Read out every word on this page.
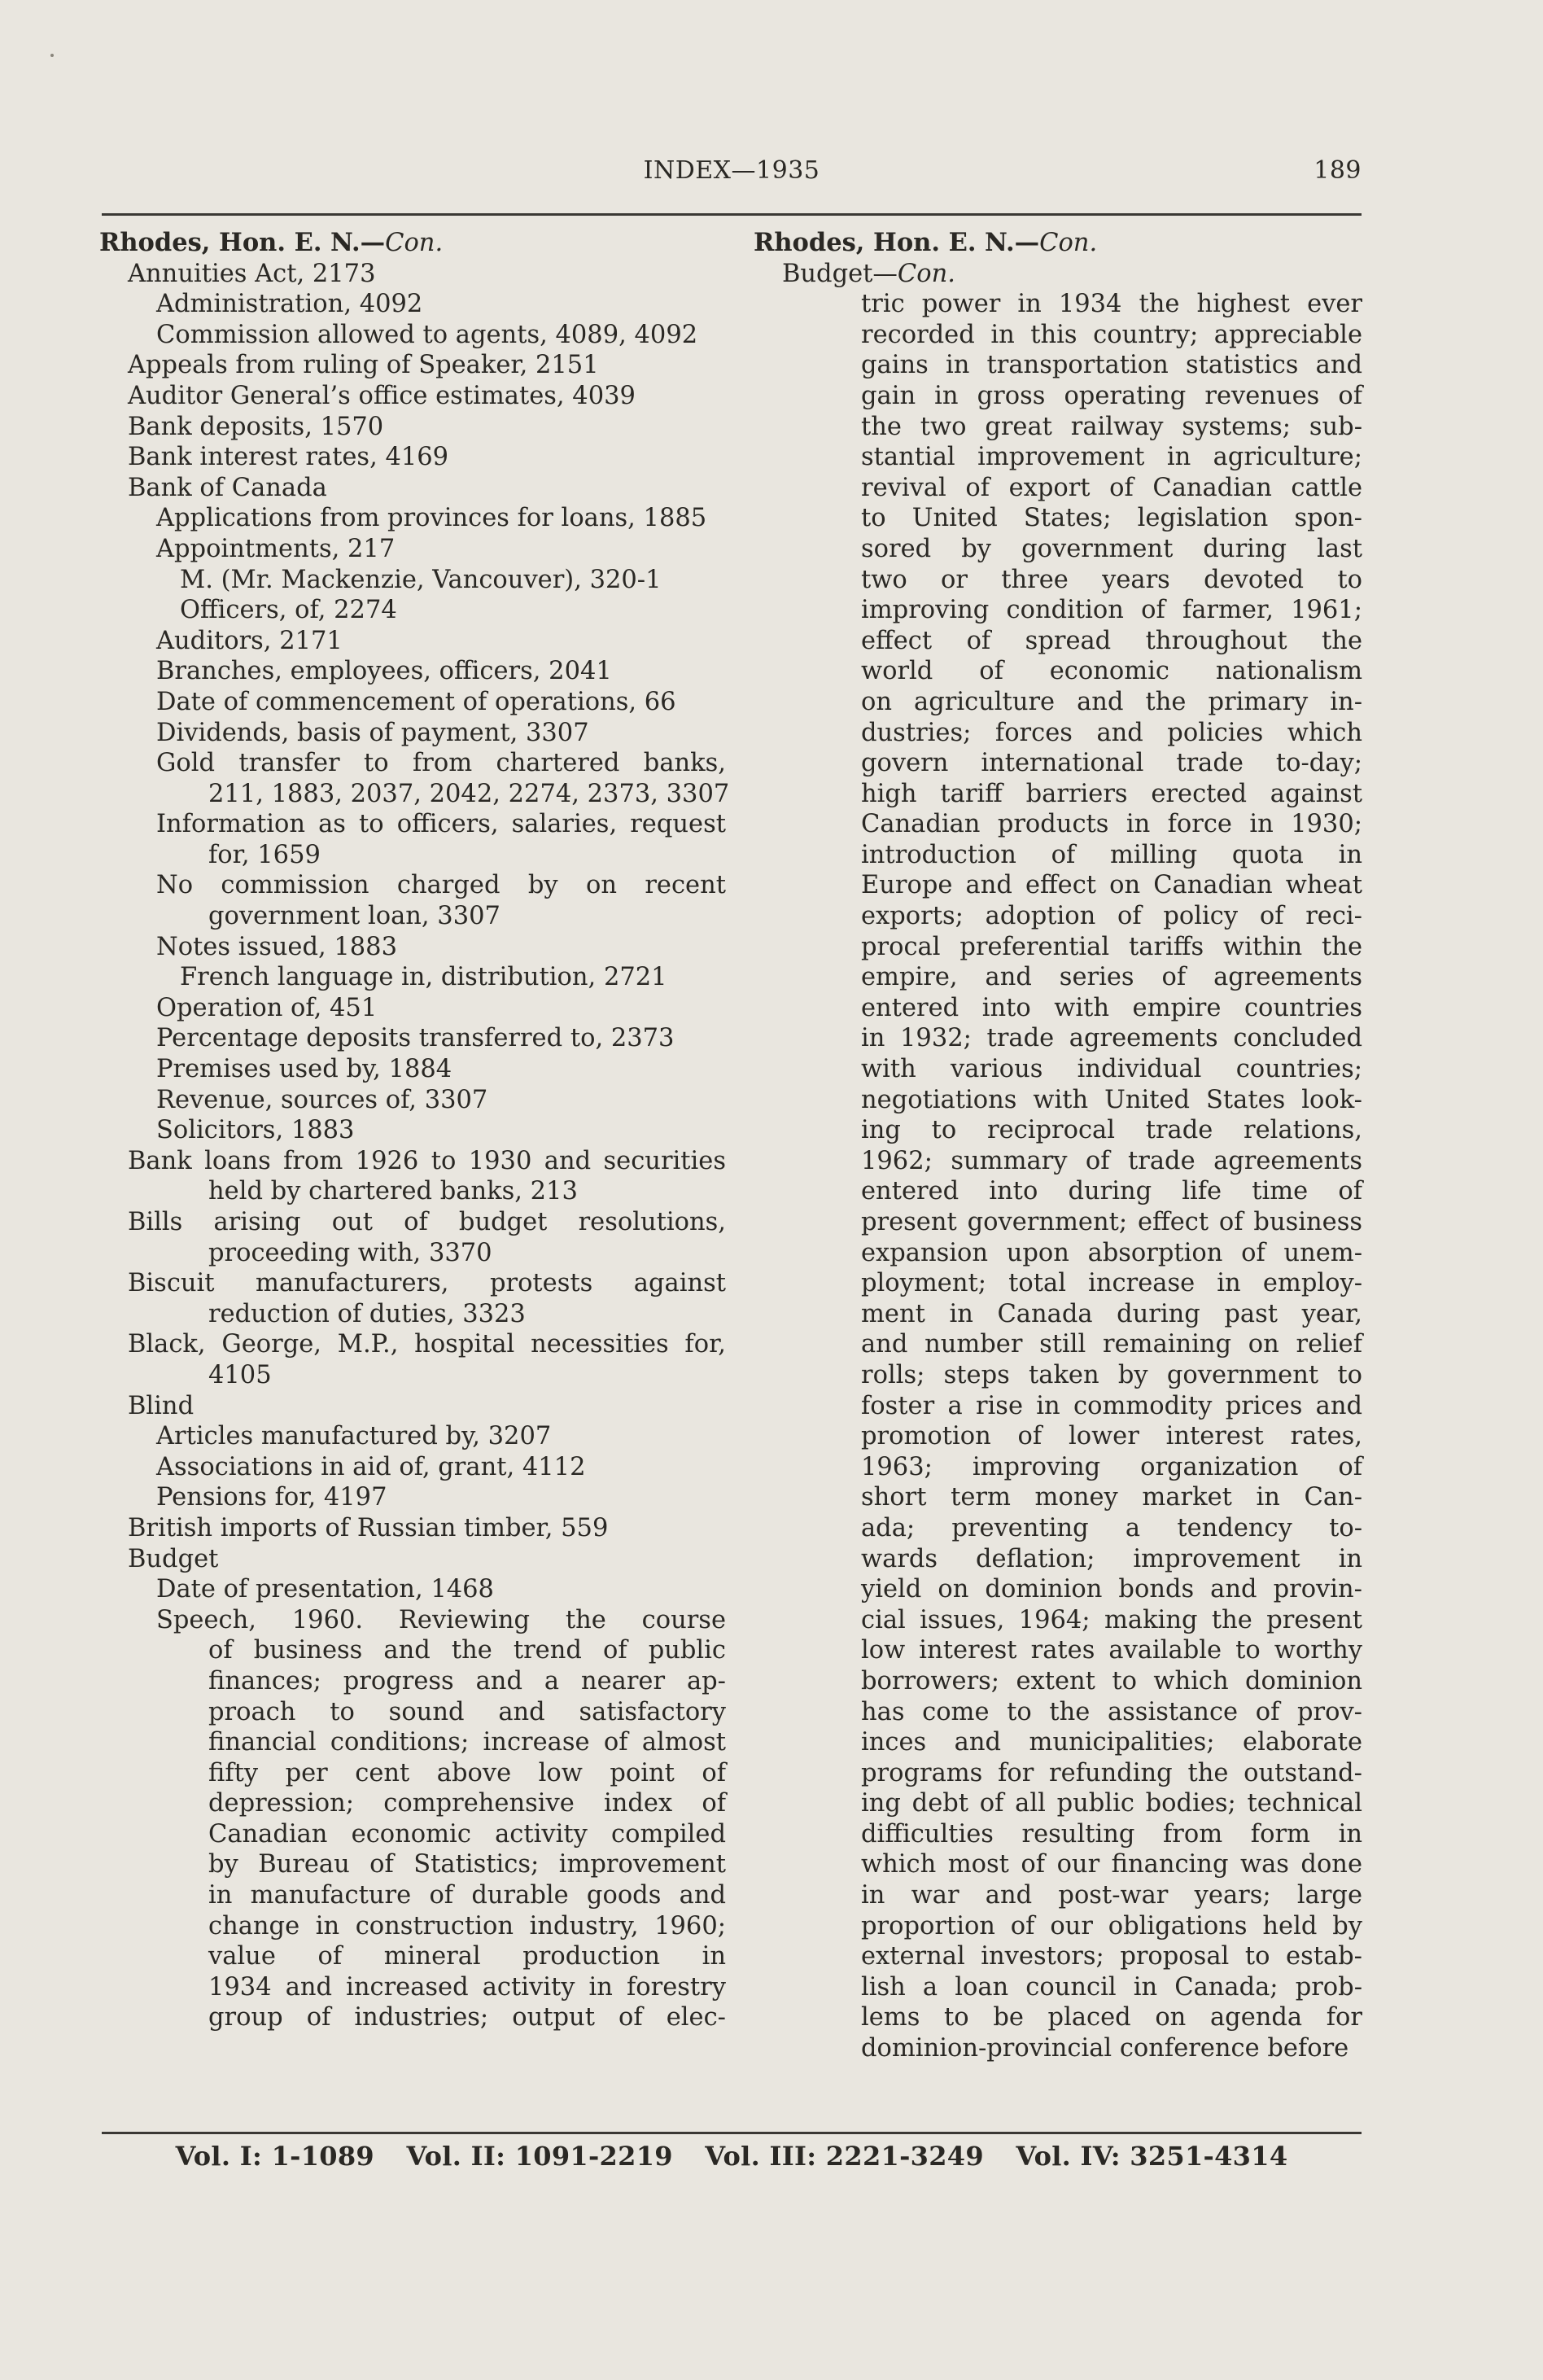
INDEX—1935	189
Rhodes, Hon. E. N.—Con.
Annuities Act, 2173
Administration, 4092
Commission allowed to agents, 4089, 4092
Appeals from ruling of Speaker, 2151
Auditor General’s office estimates, 4039
Bank deposits, 1570
Bank interest rates, 4169
Bank of Canada
Applications from provinces for loans, 1885
Appointments, 217
M. (Mr. Mackenzie, Vancouver), 320-1
Officers, of, 2274
Auditors, 2171
Branches, employees, officers, 2041
Date of commencement of operations, 66
Dividends, basis of payment, 3307
Gold transfer to from chartered banks,
211, 1883, 2037, 2042, 2274, 2373, 3307
Information as to officers, salaries, request
for, 1659
No commission charged by on recent
government loan, 3307
Notes issued, 1883
French language in, distribution, 2721
Operation of, 451
Percentage deposits transferred to, 2373
Premises used by, 1884
Revenue, sources of, 3307
Solicitors, 1883
Bank loans from 1926 to 1930 and securities
held by chartered banks, 213
Bills arising out of budget resolutions,
proceeding with, 3370
Biscuit manufacturers, protests against
reduction of duties, 3323
Black, George, M.P., hospital necessities for,
4105
Blind
Articles manufactured by, 3207
Associations in aid of, grant, 4112
Pensions for, 4197
British imports of Russian timber, 559
Budget
Date of presentation, 1468
Speech, 1960. Reviewing the course
of business and the trend of public
finances; progress and a nearer ap-
proach to sound and satisfactory
financial conditions; increase of almost
fifty per cent above low point of
depression; comprehensive index of
Canadian economic activity compiled
by Bureau of Statistics; improvement
in manufacture of durable goods and
change in construction industry, 1960;
value of mineral production in
1934 and increased activity in forestry
group of industries; output of elec-
Rhodes, Hon. E. N.—Con.
Budget—Con.
tric power in 1934 the highest ever
recorded in this country; appreciable
gains in transportation statistics and
gain in gross operating revenues of
the two great railway systems; sub-
stantial improvement in agriculture;
revival of export of Canadian cattle
to United States; legislation spon-
sored by government during last
two or three years devoted to
improving condition of farmer, 1961;
effect of spread throughout the
world of economic nationalism
on agriculture and the primary in-
dustries; forces and policies which
govern international trade to-day;
high tariff barriers erected against
Canadian products in force in 1930;
introduction of milling quota in
Europe and effect on Canadian wheat
exports; adoption of policy of reci-
procal preferential tariffs within the
empire, and series of agreements
entered into with empire countries
in 1932; trade agreements concluded
with various individual countries;
negotiations with United States look-
ing to reciprocal trade relations,
1962; summary of trade agreements
entered into during life time of
present government; effect of business
expansion upon absorption of unem-
ployment; total increase in employ-
ment in Canada during past year,
and number still remaining on relief
rolls; steps taken by government to
foster a rise in commodity prices and
promotion of lower interest rates,
1963; improving organization of
short term money market in Can-
ada; preventing a tendency to-
wards deflation; improvement in
yield on dominion bonds and provin-
cial issues, 1964; making the present
low interest rates available to worthy
borrowers; extent to which dominion
has come to the assistance of prov-
inces and municipalities; elaborate
programs for refunding the outstand-
ing debt of all public bodies; technical
difficulties resulting from form in
which most of our financing was done
in war and post-war years; large
proportion of our obligations held by
external investors; proposal to estab-
lish a loan council in Canada; prob-
lems to be placed on agenda for
dominion-provincial conference before
Vol. I: 1-1089 Vol. II: 1091-2219 Vol. III: 2221-3249 Vol. IV: 3251-4314
